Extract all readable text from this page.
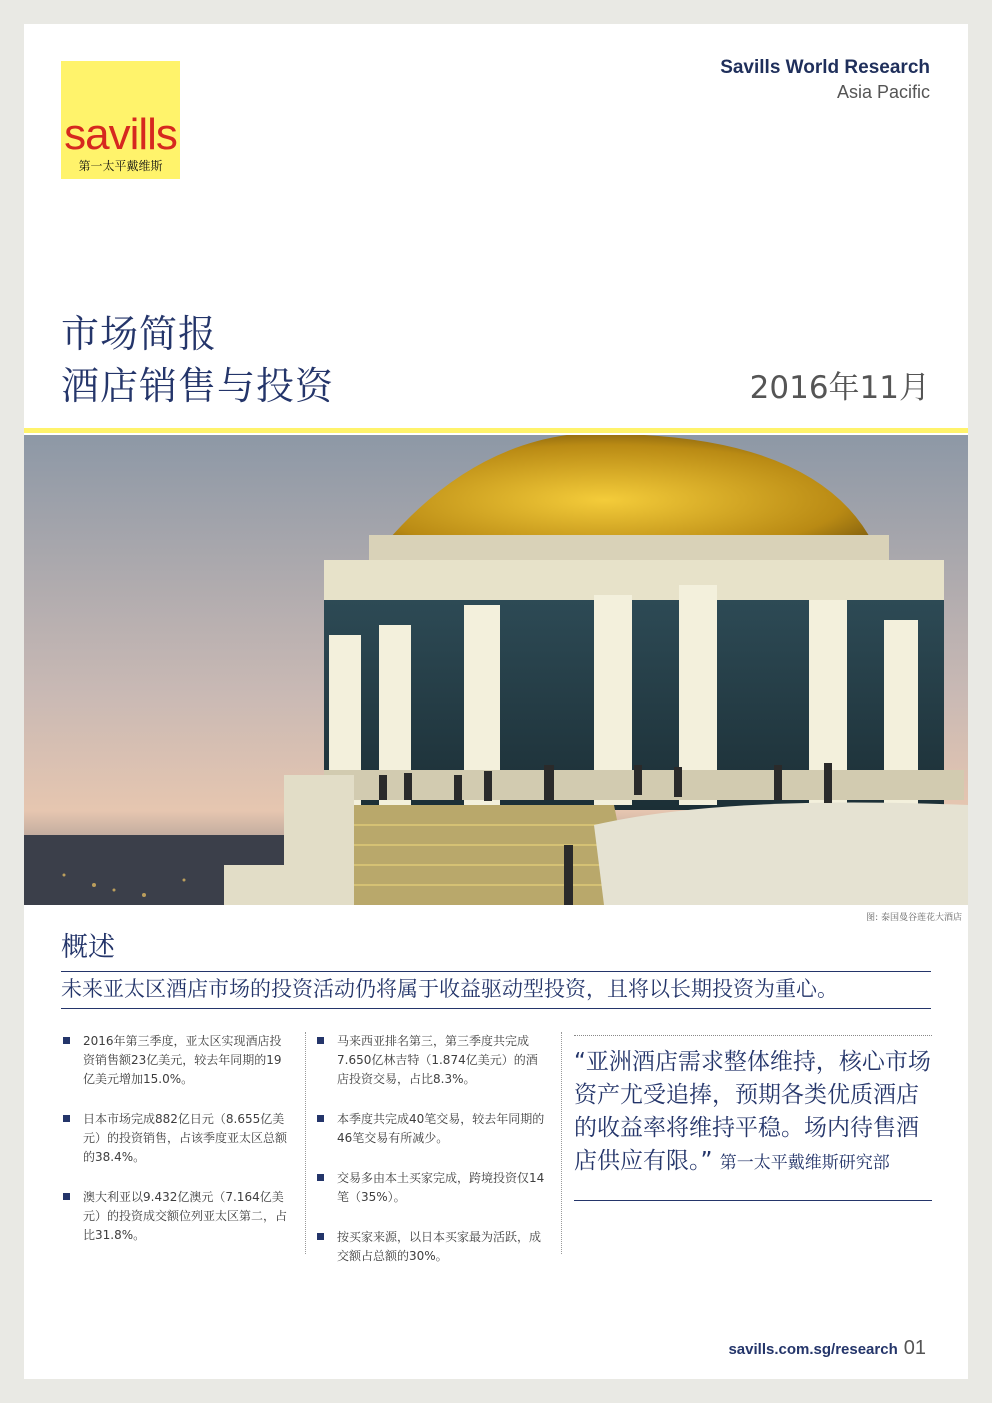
savills
第一太平戴维斯
Savills World Research
Asia Pacific
市场简报
酒店销售与投资	2016年11月
图: 泰国曼谷莲花大酒店
概述
未来亚太区酒店市场的投资活动仍将属于收益驱动型投资，且将以长期投资为重心。
2016年第三季度，亚太区实现酒店投资销售额23亿美元，较去年同期的19亿美元增加15.0%。
日本市场完成882亿日元（8.655亿美元）的投资销售，占该季度亚太区总额的38.4%。
澳大利亚以9.432亿澳元（7.164亿美元）的投资成交额位列亚太区第二，占比31.8%。
马来西亚排名第三，第三季度共完成7.650亿林吉特（1.874亿美元）的酒店投资交易，占比8.3%。
本季度共完成40笔交易，较去年同期的46笔交易有所减少。
交易多由本土买家完成，跨境投资仅14笔（35%）。
按买家来源，以日本买家最为活跃，成交额占总额的30%。
“亚洲酒店需求整体维持，核心市场资产尤受追捧，预期各类优质酒店的收益率将维持平稳。场内待售酒店供应有限。” 第一太平戴维斯研究部
savills.com.sg/research 01
